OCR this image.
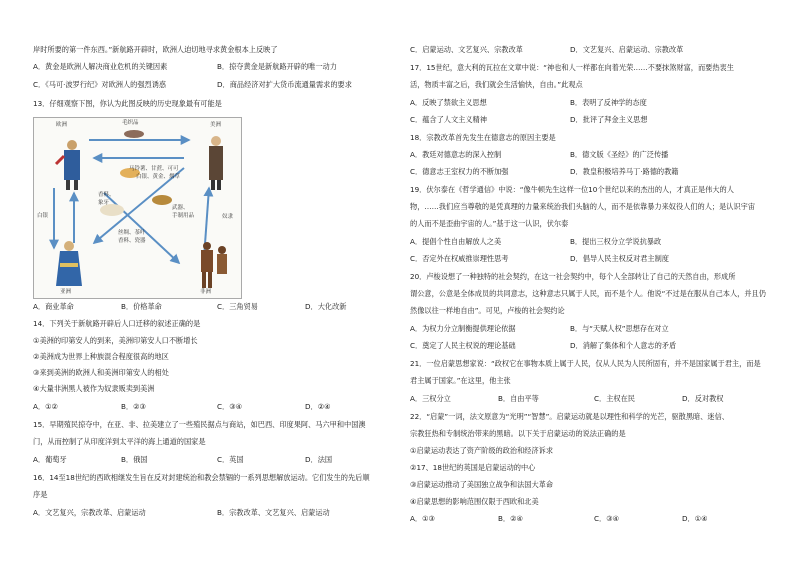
岸时所要的第一件东西。”新航路开辟时，欧洲人迫切地寻求黄金根本上反映了
A．黄金是欧洲人解决商业危机的关键因素	B．掠夺黄金是新航路开辟的唯一动力
C．《马可·波罗行纪》对欧洲人的强烈诱惑	D．商品经济对扩大货币流通量需求的要求
13．仔细观察下图，你认为此图反映的历史现象最有可能是
欧洲	美洲
毛织品
马铃薯、甘蔗、可可
白银、黄金、烟草
白银
香料、
象牙
丝绸、茶叶
香料、瓷器
武器、
手制用品	奴隶
亚洲	非洲
A．商业革命	B．价格革命	C．三角贸易	D．大化改新
14．下列关于新航路开辟后人口迁移的叙述正确的是
①美洲的印第安人的到来，美洲印第安人口不断增长
②美洲成为世界上种族混合程度很高的地区
③来到美洲的欧洲人和美洲印第安人的相处
④大量非洲黑人被作为奴隶贩卖到美洲
A．①②	B．②③	C．③④	D．②④
15．早期殖民掠夺中，在亚、非、拉美建立了一些殖民据点与商站，如巴西、印度果阿、马六甲和中国澳
门，从而控制了从印度洋到太平洋的海上通道的国家是
A．葡萄牙	B．俄国	C．英国	D．法国
16．14至18世纪的西欧相继发生旨在反对封建统治和教会禁锢的一系列思想解放运动。它们发生的先后顺
序是
A．文艺复兴，宗教改革、启蒙运动	B．宗教改革、文艺复兴、启蒙运动
C．启蒙运动、文艺复兴、宗教改革	D．文艺复兴、启蒙运动、宗教改革
17．15世纪，意大利的瓦拉在文章中说：“神也和人一样都在向着光荣……不要抹煞财富，而要热衷生
活，物质丰富之后，我们就会生活愉快，自由。”此观点
A．反映了禁欲主义思想	B．表明了反神学的态度
C．蕴含了人文主义精神	D．批评了拜金主义思想
18．宗教改革首先发生在德意志的原因主要是
A．教廷对德意志的深入控制	B．德文版《圣经》的广泛传播
C．德意志王室权力的不断加强	D．教皇积极培养马丁·路德的教籍
19．伏尔泰在《哲学通信》中说：“像牛顿先生这样一位10个世纪以来的杰出的人，才真正是伟大的人
物，……我们应当尊敬的是凭真理的力量来统治我们头脑的人，而不是依靠暴力来奴役人们的人；是认识宇宙
的人而不是歪曲宇宙的人。”基于这一认识，伏尔泰
A．提倡个性自由解放人之美	B．提出三权分立学说抗暴政
C．否定外在权威推崇理性思考	D．倡导人民主权反对君主制度
20．卢梭设想了一种独特的社会契约，在这一社会契约中，每个人全部转让了自己的天然自由，形成所
谓公意，公意是全体成员的共同意志，这种意志只属于人民，而不是个人。他说“不过是在服从自己本人，并且仍
然像以往一样地自由”。可见，卢梭的社会契约论
A．为权力分立制衡提供理论依据	B．与“天赋人权”思想存在对立
C．奠定了人民主权说的理论基础	D．消解了集体和个人意志的矛盾
21．一位启蒙思想家说：“政权它在事物本质上属于人民，仅从人民为人民所固有，并不是国家属于君主，而是
君主属于国家。”在这里，他主张
A．三权分立	B．自由平等	C．主权在民	D．反对教权
22．“启蒙”一词，法文原意为“光明”“智慧”。启蒙运动就是以理性和科学的光芒，驱散黑暗、迷信、
宗教狂热和专制统治带来的黑暗。以下关于启蒙运动的说法正确的是
①启蒙运动表达了资产阶级的政治和经济诉求
②17、18世纪的英国是启蒙运动的中心
③启蒙运动推动了美国独立战争和法国大革命
④启蒙思想的影响范围仅限于西欧和北美
A．①③	B．②④	C．③④	D．①④
